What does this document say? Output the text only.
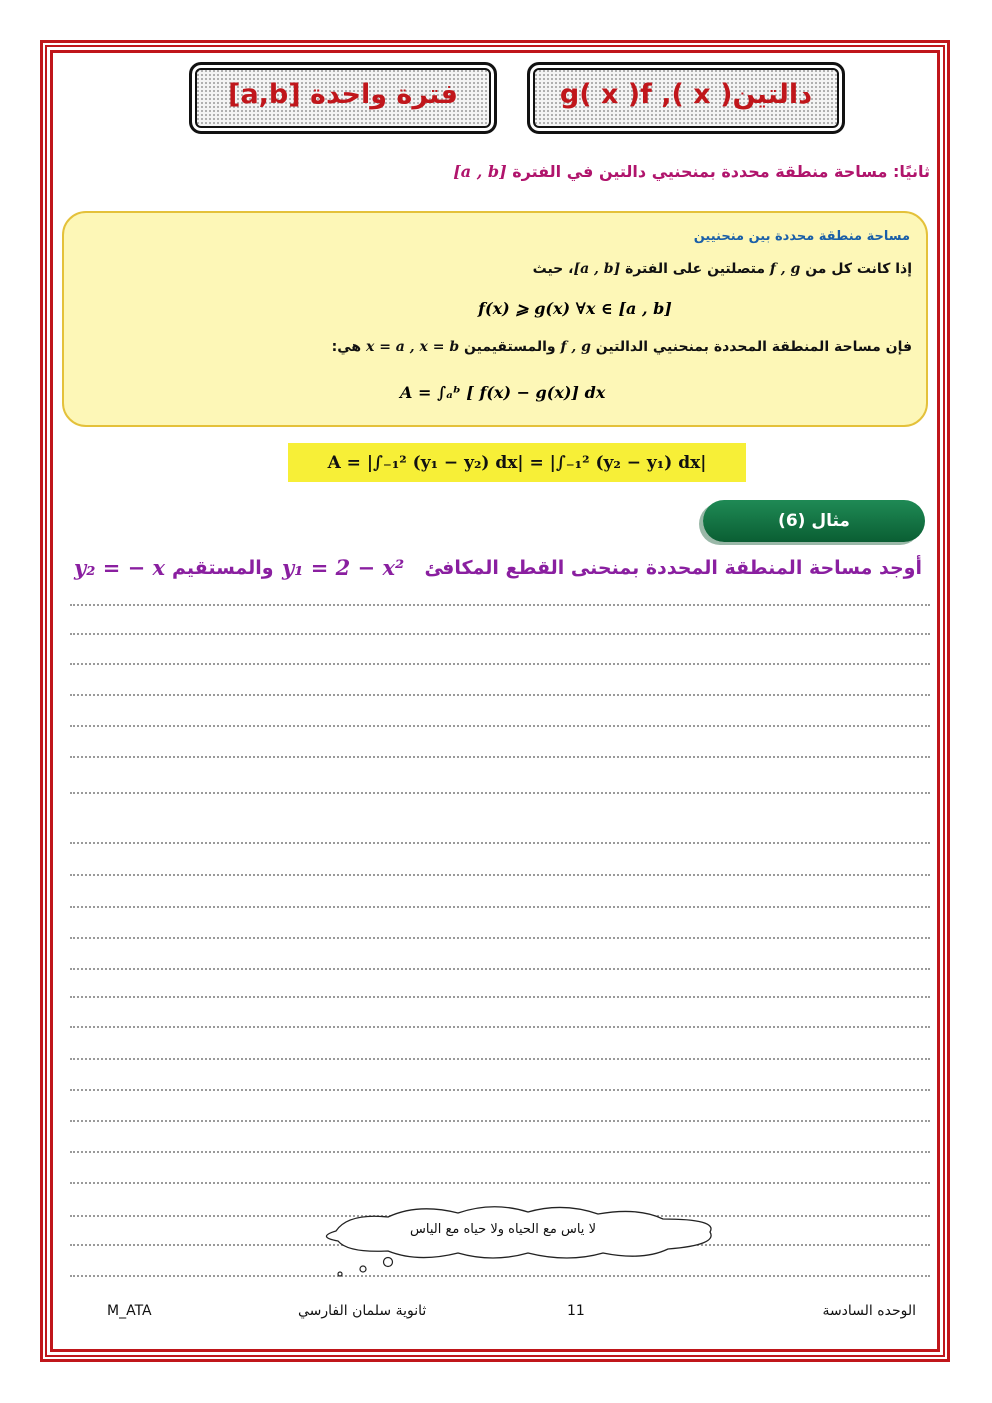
دالتين( x ), g( x )f
فترة واحدة [a,b]
ثانيًا: مساحة منطقة محددة بمنحنيي دالتين في الفترة [a , b]
مساحة منطقة محددة بين منحنيين
إذا كانت كل من f , g متصلتين على الفترة [a , b]، حيث
f(x) ⩾ g(x) ∀x ∈ [a , b]
فإن مساحة المنطقة المحددة بمنحنيي الدالتين f , g والمستقيمين x = a , x = b هي:
A = ∫ₐᵇ [ f(x) − g(x)] dx
A = |∫₋₁² (y₁ − y₂) dx| = |∫₋₁² (y₂ − y₁) dx|
مثال (6)
أوجد مساحة المنطقة المحددة بمنحنى القطع المكافئ
y₁ = 2 − x²
والمستقيم
y₂ = − x
لا ياس مع الحياه ولا حياه مع الياس
الوحده السادسة
11
ثانوية سلمان الفارسي
M_ATA
